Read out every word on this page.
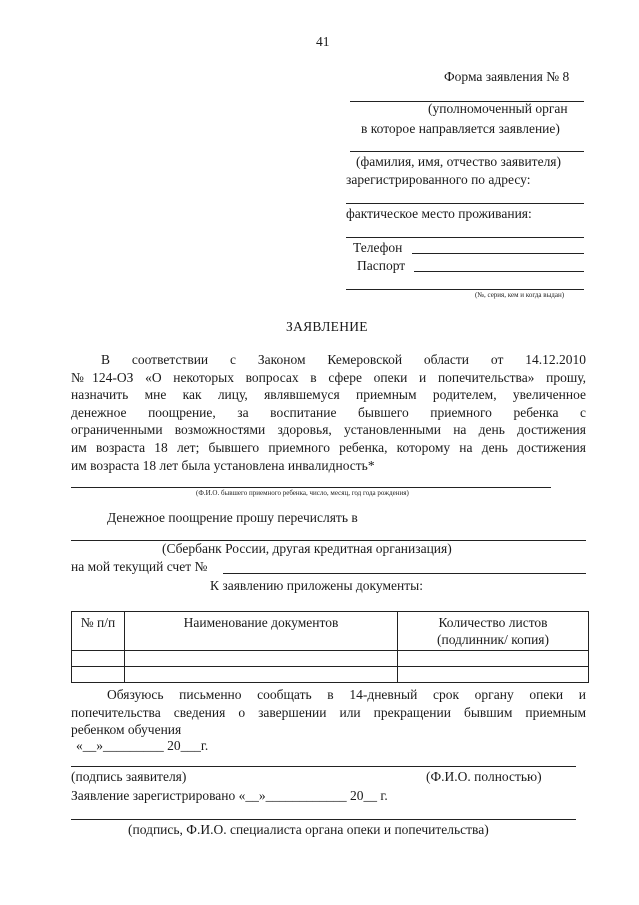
41
Форма заявления № 8
(уполномоченный орган
в которое направляется заявление)
(фамилия, имя, отчество заявителя)
зарегистрированного по адресу:
фактическое место проживания:
Телефон
Паспорт
(№, серия, кем и когда выдан)
ЗАЯВЛЕНИЕ
В соответствии с Законом Кемеровской области от 14.12.2010
№124-ОЗ «О некоторых вопросах в сфере опеки и попечительства» прошу,
назначить мне как лицу, являвшемуся приемным родителем, увеличенное
денежное поощрение, за воспитание бывшего приемного ребенка с
ограниченными возможностями здоровья, установленными на день достижения
им возраста 18 лет; бывшего приемного ребенка, которому на день достижения
им возраста 18 лет была установлена инвалидность*
(Ф.И.О. бывшего приемного ребенка, число, месяц, год года рождения)
Денежное поощрение прошу перечислять в
(Сбербанк России, другая кредитная организация)
на мой текущий счет №
К заявлению приложены документы:
№ п/п	Наименование документов	Количество листов
(подлинник/ копия)

Обязуюсь письменно сообщать в 14-дневный срок органу опеки и
попечительства сведения о завершении или прекращении бывшим приемным
ребенком обучения
«__»_________ 20___г.
(подпись заявителя)	(Ф.И.О. полностью)
Заявление зарегистрировано «__»____________ 20__ г.
(подпись, Ф.И.О. специалиста органа опеки и попечительства)
